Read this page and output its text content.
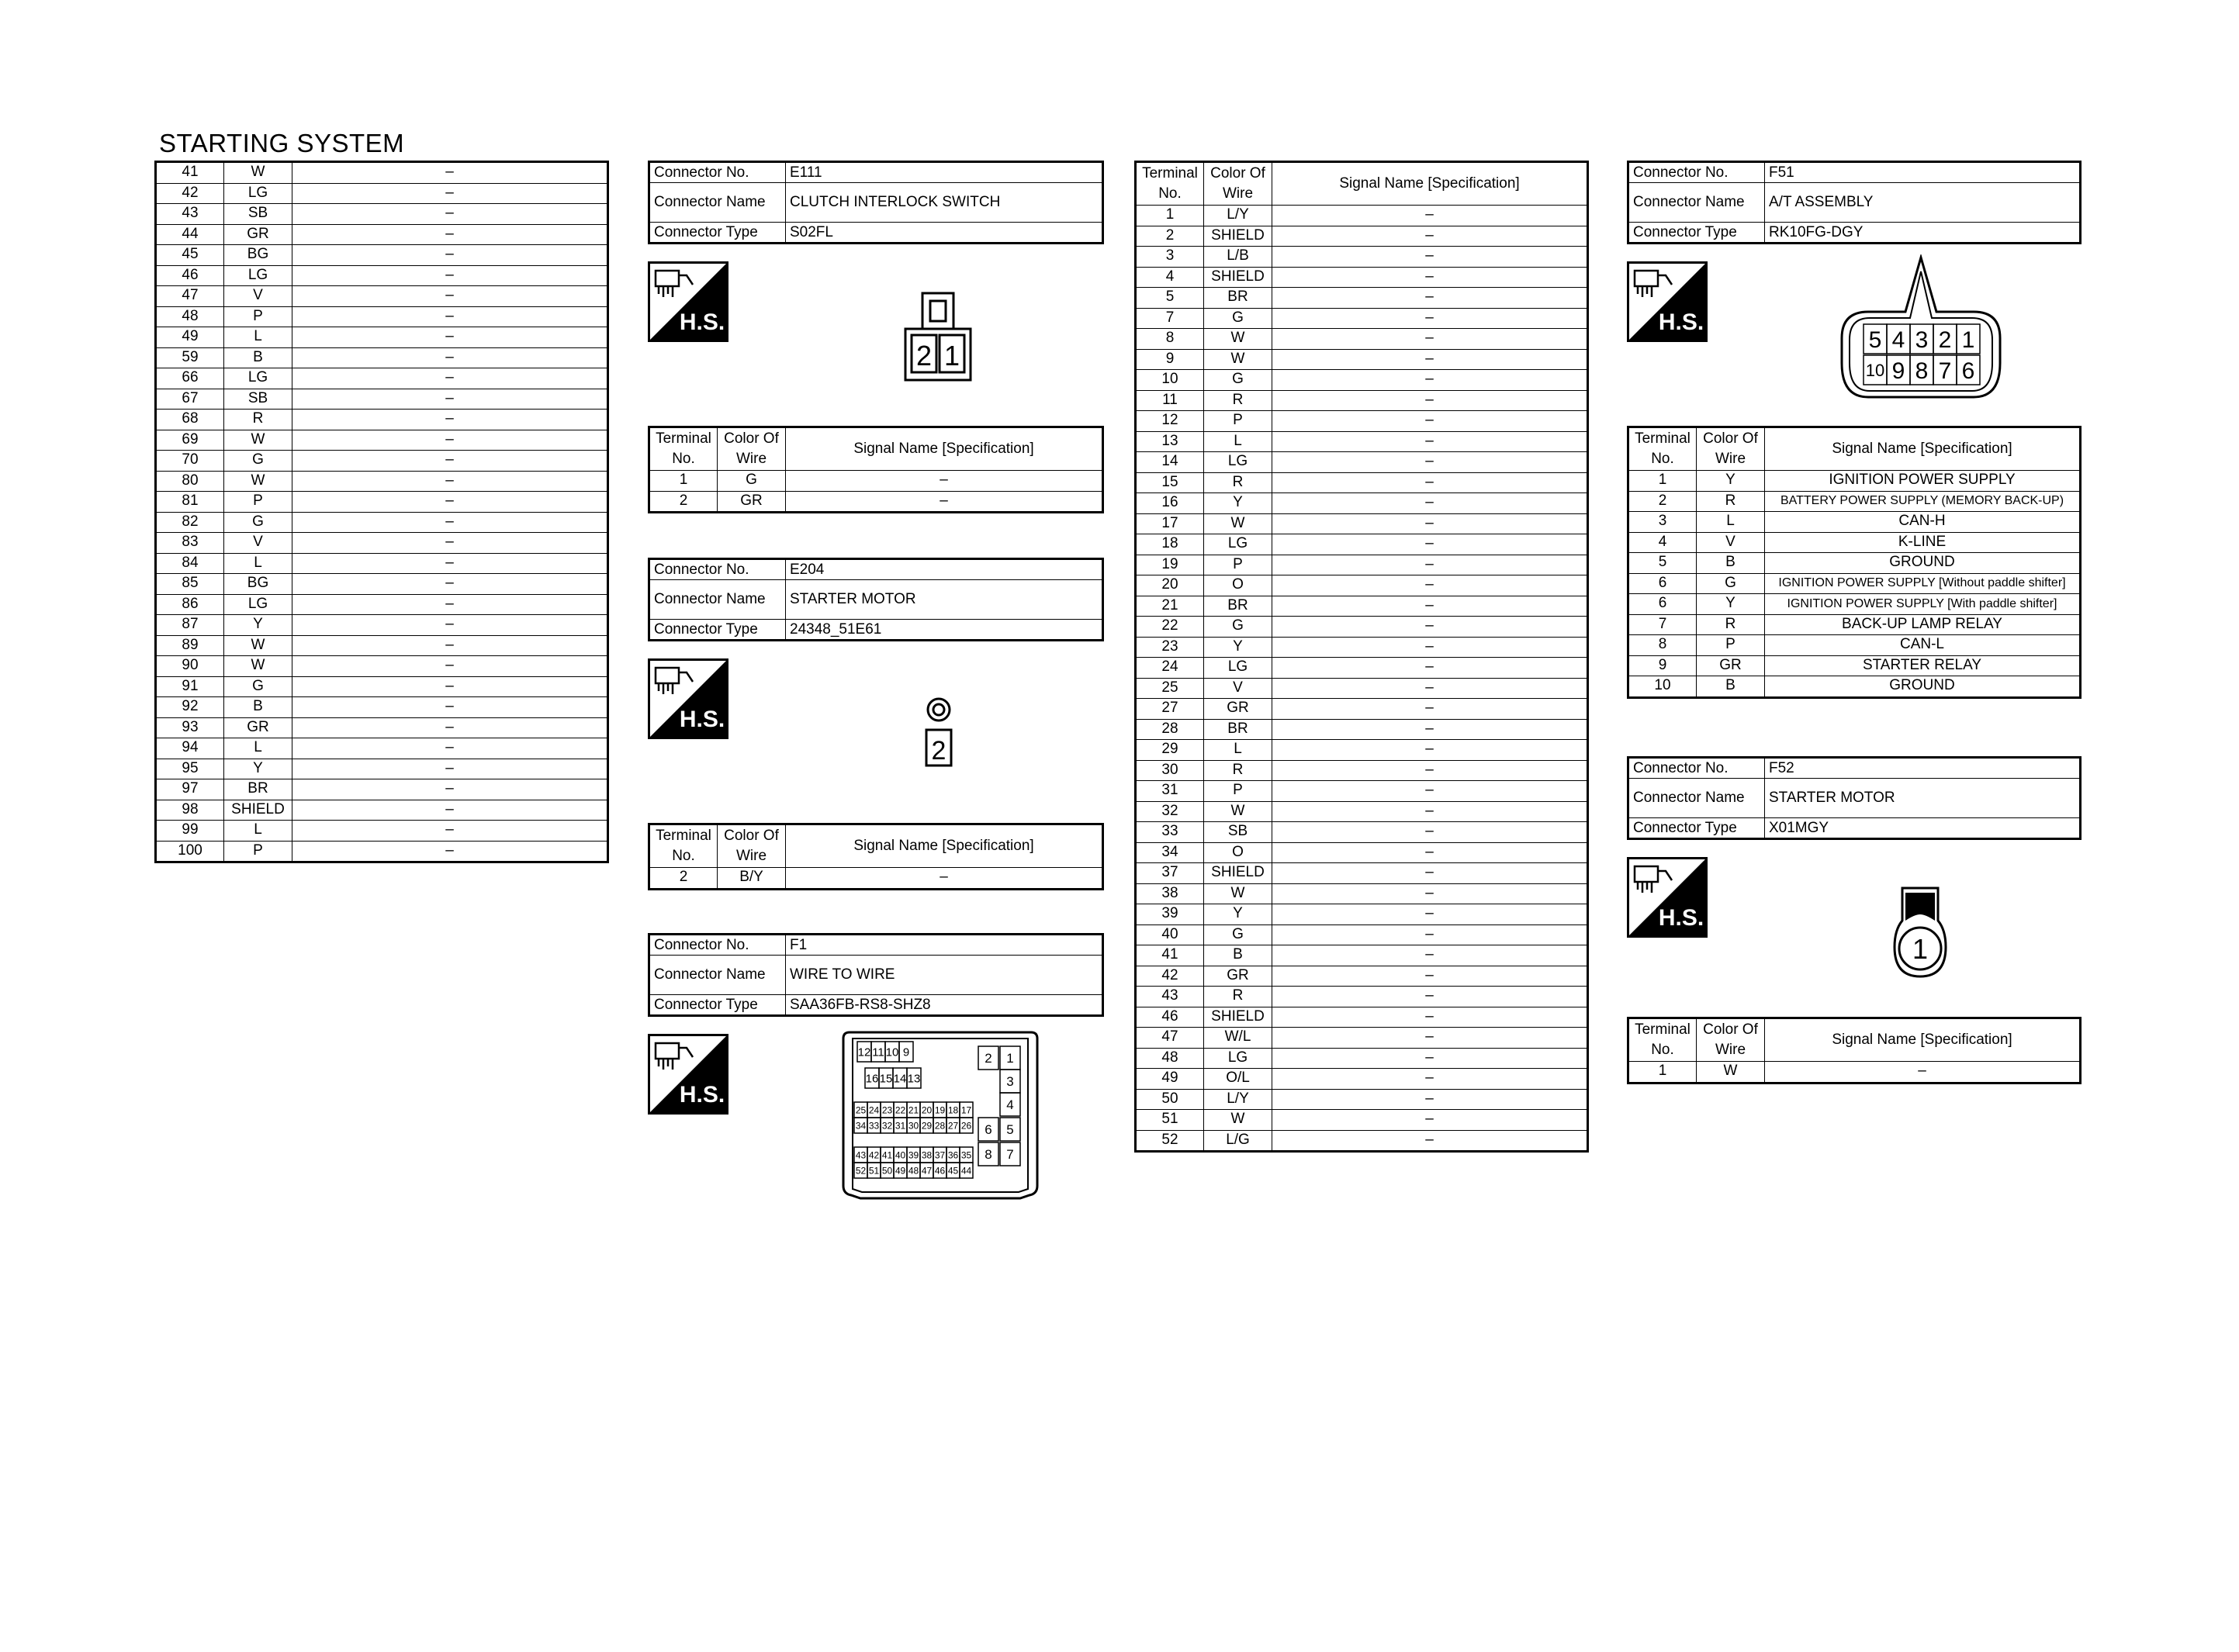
STARTING SYSTEM
41	W	–
42	LG	–
43	SB	–
44	GR	–
45	BG	–
46	LG	–
47	V	–
48	P	–
49	L	–
59	B	–
66	LG	–
67	SB	–
68	R	–
69	W	–
70	G	–
80	W	–
81	P	–
82	G	–
83	V	–
84	L	–
85	BG	–
86	LG	–
87	Y	–
89	W	–
90	W	–
91	G	–
92	B	–
93	GR	–
94	L	–
95	Y	–
97	BR	–
98	SHIELD	–
99	L	–
100	P	–
Connector No.	E111
Connector Name	CLUTCH INTERLOCK SWITCH
Connector Type	S02FL
H.S.
2 1
Terminal No.	Color Of Wire	Signal Name [Specification]
1	G	–
2	GR	–
Connector No.	E204
Connector Name	STARTER MOTOR
Connector Type	24348_51E61
H.S.
2
Terminal No.	Color Of Wire	Signal Name [Specification]
2	B/Y	–
Connector No.	F1
Connector Name	WIRE TO WIRE
Connector Type	SAA36FB-RS8-SHZ8
H.S.
12 11 10 9
16 15 14 13
25 24 23 22 21 20 19 18 17
34 33 32 31 30 29 28 27 26
43 42 41 40 39 38 37 36 35
52 51 50 49 48 47 46 45 44
2 1
3
4
6 5
8 7
Terminal No.	Color Of Wire	Signal Name [Specification]
1	L/Y	–
2	SHIELD	–
3	L/B	–
4	SHIELD	–
5	BR	–
7	G	–
8	W	–
9	W	–
10	G	–
11	R	–
12	P	–
13	L	–
14	LG	–
15	R	–
16	Y	–
17	W	–
18	LG	–
19	P	–
20	O	–
21	BR	–
22	G	–
23	Y	–
24	LG	–
25	V	–
27	GR	–
28	BR	–
29	L	–
30	R	–
31	P	–
32	W	–
33	SB	–
34	O	–
37	SHIELD	–
38	W	–
39	Y	–
40	G	–
41	B	–
42	GR	–
43	R	–
46	SHIELD	–
47	W/L	–
48	LG	–
49	O/L	–
50	L/Y	–
51	W	–
52	L/G	–
Connector No.	F51
Connector Name	A/T ASSEMBLY
Connector Type	RK10FG-DGY
H.S.
5 4 3 2 1
10 9 8 7 6
Terminal No.	Color Of Wire	Signal Name [Specification]
1	Y	IGNITION POWER SUPPLY
2	R	BATTERY POWER SUPPLY (MEMORY BACK-UP)
3	L	CAN-H
4	V	K-LINE
5	B	GROUND
6	G	IGNITION POWER SUPPLY [Without paddle shifter]
6	Y	IGNITION POWER SUPPLY [With paddle shifter]
7	R	BACK-UP LAMP RELAY
8	P	CAN-L
9	GR	STARTER RELAY
10	B	GROUND
Connector No.	F52
Connector Name	STARTER MOTOR
Connector Type	X01MGY
H.S.
1
Terminal No.	Color Of Wire	Signal Name [Specification]
1	W	–
